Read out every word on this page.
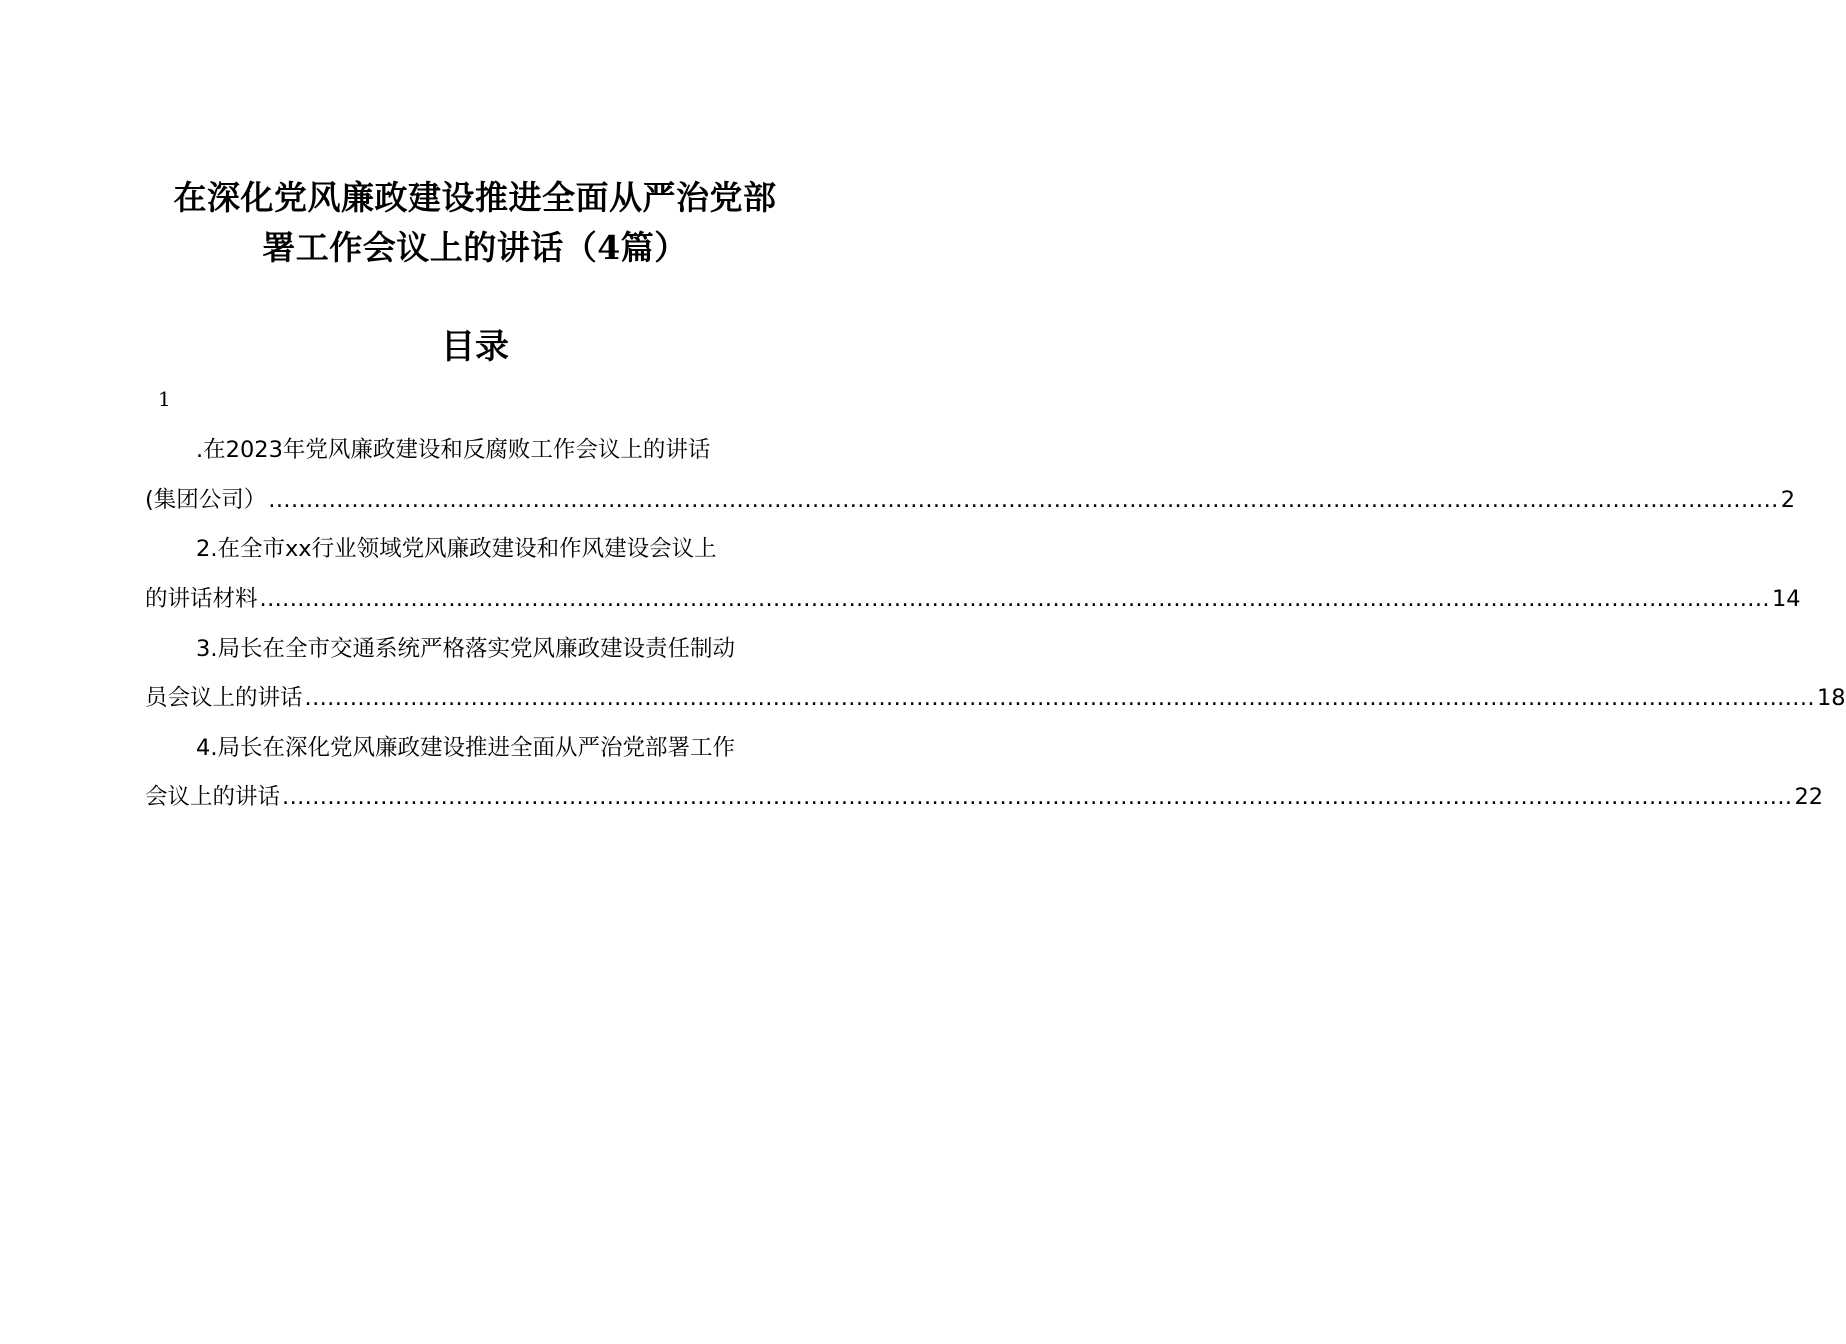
在深化党风廉政建设推进全面从严治党部
署工作会议上的讲话（4篇）
目录
1
.在2023年党风廉政建设和反腐败工作会议上的讲话
(集团公司） ........................................................................................................................................................................................................ 2
2.在全市xx行业领域党风廉政建设和作风建设会议上
的讲话材料 ........................................................................................................................................................................................................ 14
3.局长在全市交通系统严格落实党风廉政建设责任制动
员会议上的讲话 ........................................................................................................................................................................................................ 18
4.局长在深化党风廉政建设推进全面从严治党部署工作
会议上的讲话 ........................................................................................................................................................................................................ 22
